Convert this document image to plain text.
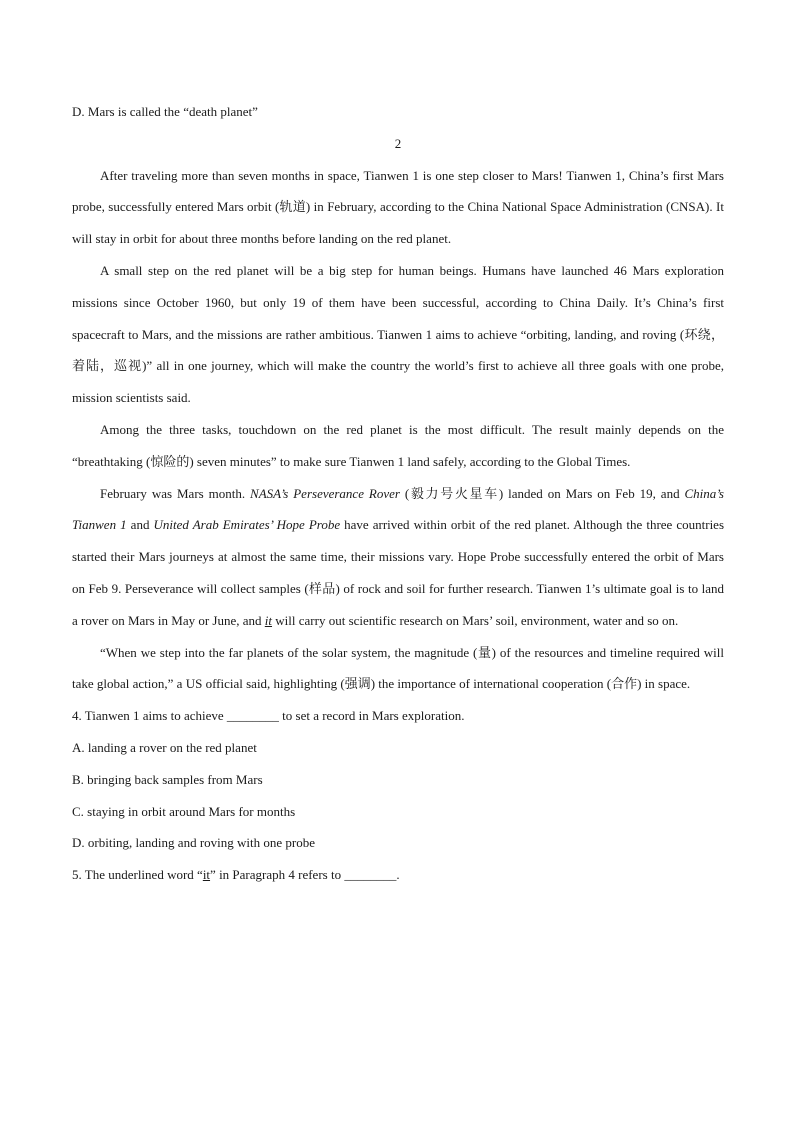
D. Mars is called the “death planet”

2

After traveling more than seven months in space, Tianwen 1 is one step closer to Mars! Tianwen 1, China’s first Mars probe, successfully entered Mars orbit (轨道) in February, according to the China National Space Administration (CNSA). It will stay in orbit for about three months before landing on the red planet.

A small step on the red planet will be a big step for human beings. Humans have launched 46 Mars exploration missions since October 1960, but only 19 of them have been successful, according to China Daily. It’s China’s first spacecraft to Mars, and the missions are rather ambitious. Tianwen 1 aims to achieve “orbiting, landing, and roving (环绕，着陆，巡视)” all in one journey, which will make the country the world’s first to achieve all three goals with one probe, mission scientists said.

Among the three tasks, touchdown on the red planet is the most difficult. The result mainly depends on the “breathtaking (惊险的) seven minutes” to make sure Tianwen 1 land safely, according to the Global Times.

February was Mars month. NASA’s Perseverance Rover (毅力号火星车) landed on Mars on Feb 19, and China’s Tianwen 1 and United Arab Emirates’ Hope Probe have arrived within orbit of the red planet. Although the three countries started their Mars journeys at almost the same time, their missions vary. Hope Probe successfully entered the orbit of Mars on Feb 9. Perseverance will collect samples (样品) of rock and soil for further research. Tianwen 1’s ultimate goal is to land a rover on Mars in May or June, and it will carry out scientific research on Mars’ soil, environment, water and so on.

“When we step into the far planets of the solar system, the magnitude (量) of the resources and timeline required will take global action,” a US official said, highlighting (强调) the importance of international cooperation (合作) in space.

4. Tianwen 1 aims to achieve ________ to set a record in Mars exploration.

A. landing a rover on the red planet

B. bringing back samples from Mars

C. staying in orbit around Mars for months

D. orbiting, landing and roving with one probe

5. The underlined word “it” in Paragraph 4 refers to ________.
